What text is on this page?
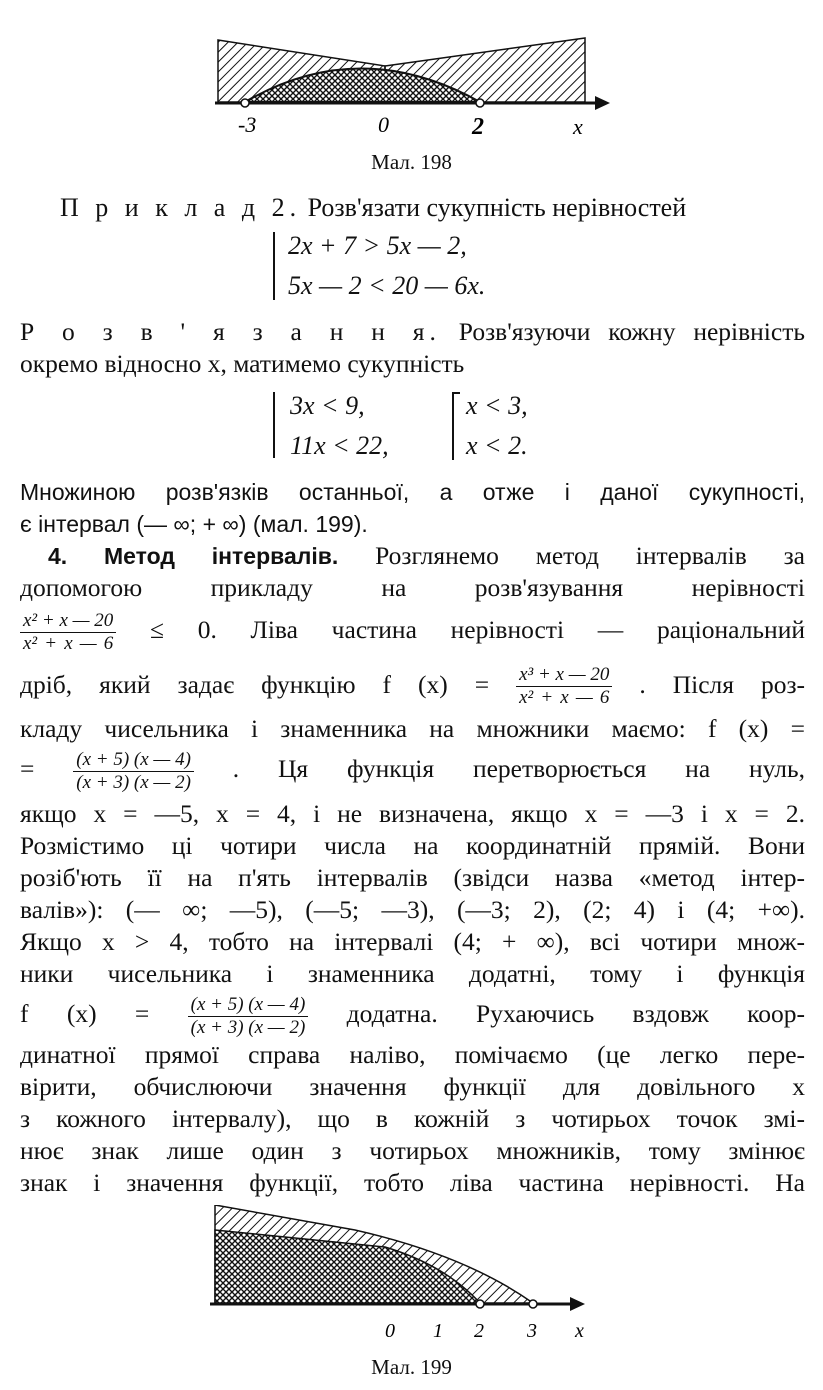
-3	0	2	x
Мал. 198
П р и к л а д 2. Розв'язати сукупність нерівностей
2x + 7 > 5x — 2,
5x — 2 < 20 — 6x.
Р о з в ' я з а н н я. Розв'язуючи кожну нерівність
окремо відносно x, матимемо сукупність
3x < 9,
11x < 22,
x < 3,
x < 2.
Множиною розв'язків останньої, а отже і даної сукупності,
є інтервал (— ∞; + ∞) (мал. 199).
4. Метод інтервалів. Розглянемо метод інтервалів за
допомогою прикладу на розв'язування нерівності
$\frac{\text{x² + x — 20}}{\text{x² + x — 6}} \le 0$. Ліва частина нерівності — раціональний
дріб, який задає функцію f $(x) = \frac{\text{x³ + x — 20}}{\text{x² + x — 6}}$ . Після роз-
кладу чисельника і знаменника на множники маємо: f (x) =
= $\frac{(x + 5) (x — 4)}{(x + 3) (x — 2)}$ . Ця функція перетворюється на нуль,
якщо x = —5, x = 4, і не визначена, якщо x = —3 і x = 2.
Розмістимо ці чотири числа на координатній прямій. Вони
розіб'ють її на п'ять інтервалів (звідси назва «метод інтер-
валів»): (— ∞; —5), (—5; —3), (—3; 2), (2; 4) і (4; +∞).
Якщо x > 4, тобто на інтервалі (4; + ∞), всі чотири множ-
ники чисельника і знаменника додатні, тому і функція
f $(x) = \frac{(x + 5) (x — 4)}{(x + 3) (x — 2)}$ додатна. Рухаючись вздовж коор-
динатної прямої справа наліво, помічаємо (це легко пере-
вірити, обчислюючи значення функції для довільного x
з кожного інтервалу), що в кожній з чотирьох точок змі-
нює знак лише один з чотирьох множників, тому змінює
знак і значення функції, тобто ліва частина нерівності. На
0 1 2 3 x
Мал. 199
